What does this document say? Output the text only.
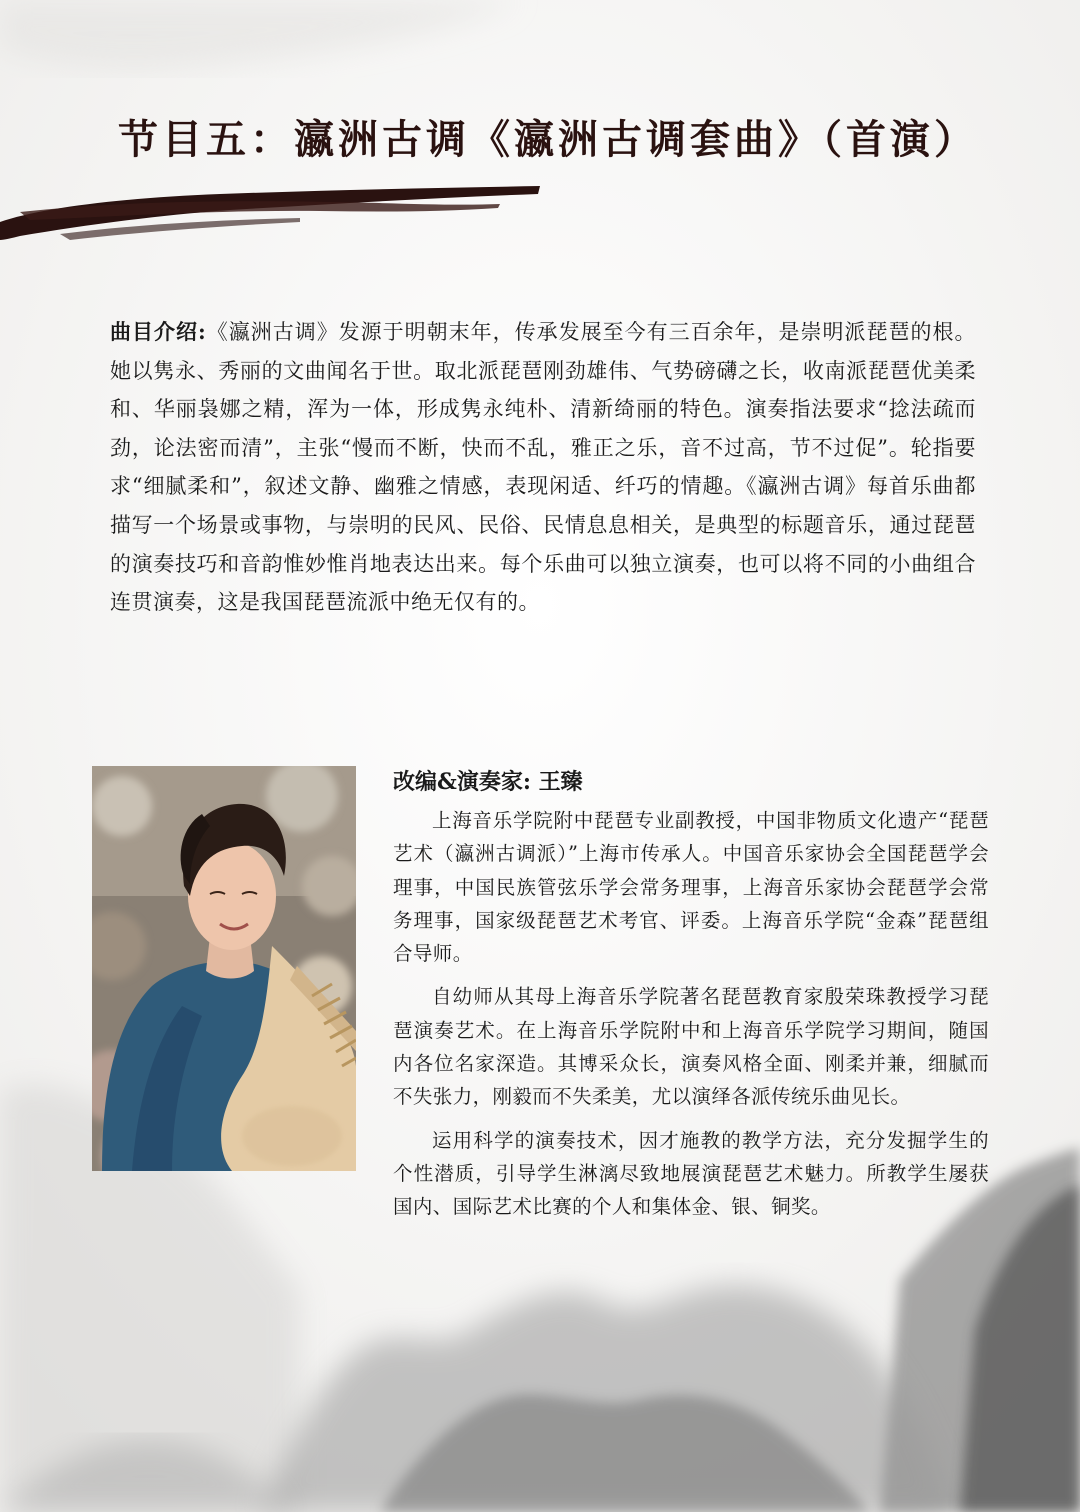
节目五：瀛洲古调《瀛洲古调套曲》（首演）
曲目介绍:《瀛洲古调》发源于明朝末年，传承发展至今有三百余年，是崇明派琵琶的根。她以隽永、秀丽的文曲闻名于世。取北派琵琶刚劲雄伟、气势磅礴之长，收南派琵琶优美柔和、华丽袅娜之精，浑为一体，形成隽永纯朴、清新绮丽的特色。演奏指法要求“捻法疏而劲，论法密而清”，主张“慢而不断，快而不乱，雅正之乐，音不过高，节不过促”。轮指要求“细腻柔和”，叙述文静、幽雅之情感，表现闲适、纤巧的情趣。《瀛洲古调》每首乐曲都描写一个场景或事物，与崇明的民风、民俗、民情息息相关，是典型的标题音乐，通过琵琶的演奏技巧和音韵惟妙惟肖地表达出来。每个乐曲可以独立演奏，也可以将不同的小曲组合连贯演奏，这是我国琵琶流派中绝无仅有的。
改编&演奏家: 王臻

上海音乐学院附中琵琶专业副教授，中国非物质文化遗产“琵琶艺术（瀛洲古调派）”上海市传承人。中国音乐家协会全国琵琶学会理事，中国民族管弦乐学会常务理事，上海音乐家协会琵琶学会常务理事，国家级琵琶艺术考官、评委。上海音乐学院“金森”琵琶组合导师。

自幼师从其母上海音乐学院著名琵琶教育家殷荣珠教授学习琵琶演奏艺术。在上海音乐学院附中和上海音乐学院学习期间，随国内各位名家深造。其博采众长，演奏风格全面、刚柔并兼，细腻而不失张力，刚毅而不失柔美，尤以演绎各派传统乐曲见长。

运用科学的演奏技术，因才施教的教学方法，充分发掘学生的个性潜质，引导学生淋漓尽致地展演琵琶艺术魅力。所教学生屡获国内、国际艺术比赛的个人和集体金、银、铜奖。
